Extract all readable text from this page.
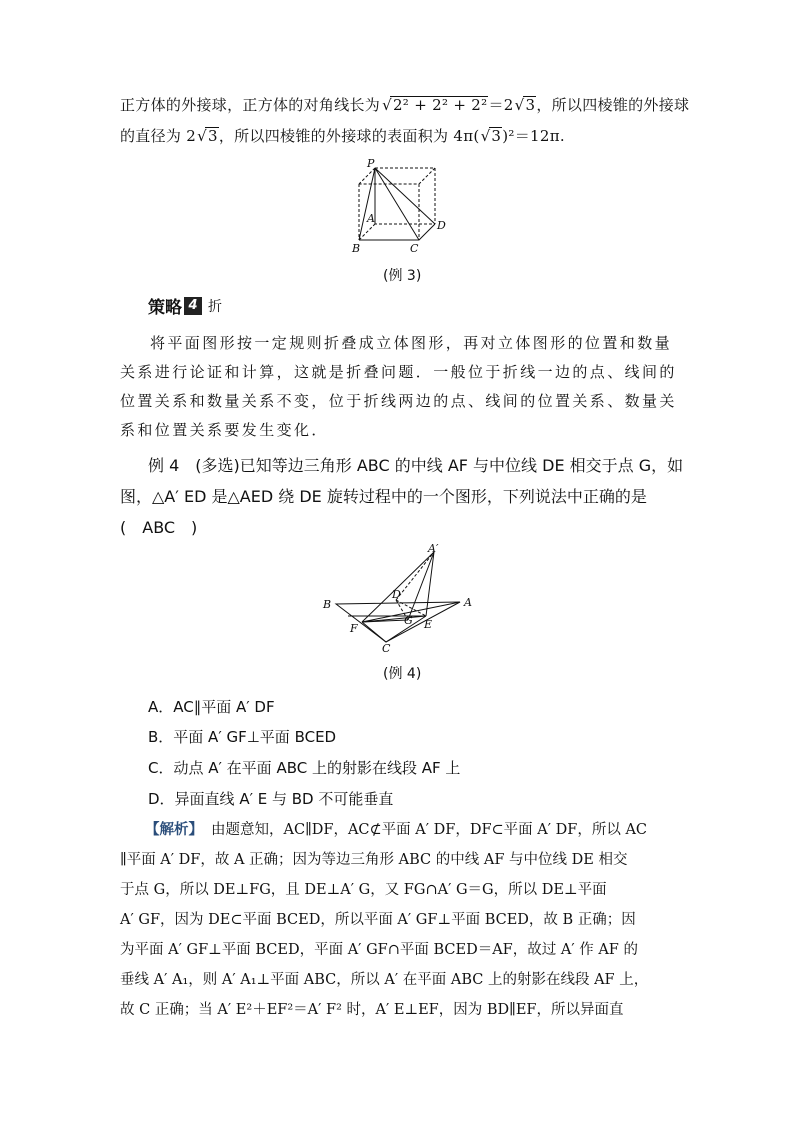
正方体的外接球，正方体的对角线长为 √ 2² + 2² + 2²＝2 √ 3，所以四棱锥的外接球
的直径为 2 √ 3，所以四棱锥的外接球的表面积为 4π( √ 3)²＝12π.
P
A
B	C
D
(例 3)
策略 4 折
将平面图形按一定规则折叠成立体图形，再对立体图形的位置和数量关系进行论证和计算，这就是折叠问题．一般位于折线一边的点、线间的位置关系和数量关系不变，位于折线两边的点、线间的位置关系、数量关系和位置关系要发生变化．
例 4　(多选)已知等边三角形 ABC 的中线 AF 与中位线 DE 相交于点 G，如
图，△A′ ED 是△AED 绕 DE 旋转过程中的一个图形，下列说法中正确的是
(　ABC　)
A′
A
B
C
D
E
F
G
(例 4)
A．AC∥平面 A′ DF
B．平面 A′ GF⊥平面 BCED
C．动点 A′ 在平面 ABC 上的射影在线段 AF 上
D．异面直线 A′ E 与 BD 不可能垂直
【解析】 由题意知，AC∥DF，AC⊄平面 A′ DF，DF⊂平面 A′ DF，所以 AC
∥平面 A′ DF，故 A 正确；因为等边三角形 ABC 的中线 AF 与中位线 DE 相交
于点 G，所以 DE⊥FG，且 DE⊥A′ G，又 FG∩A′ G＝G，所以 DE⊥平面
A′ GF，因为 DE⊂平面 BCED，所以平面 A′ GF⊥平面 BCED，故 B 正确；因
为平面 A′ GF⊥平面 BCED，平面 A′ GF∩平面 BCED＝AF，故过 A′ 作 AF 的
垂线 A′ A₁，则 A′ A₁⊥平面 ABC，所以 A′ 在平面 ABC 上的射影在线段 AF 上，
故 C 正确；当 A′ E²＋EF²＝A′ F² 时，A′ E⊥EF，因为 BD∥EF，所以异面直
